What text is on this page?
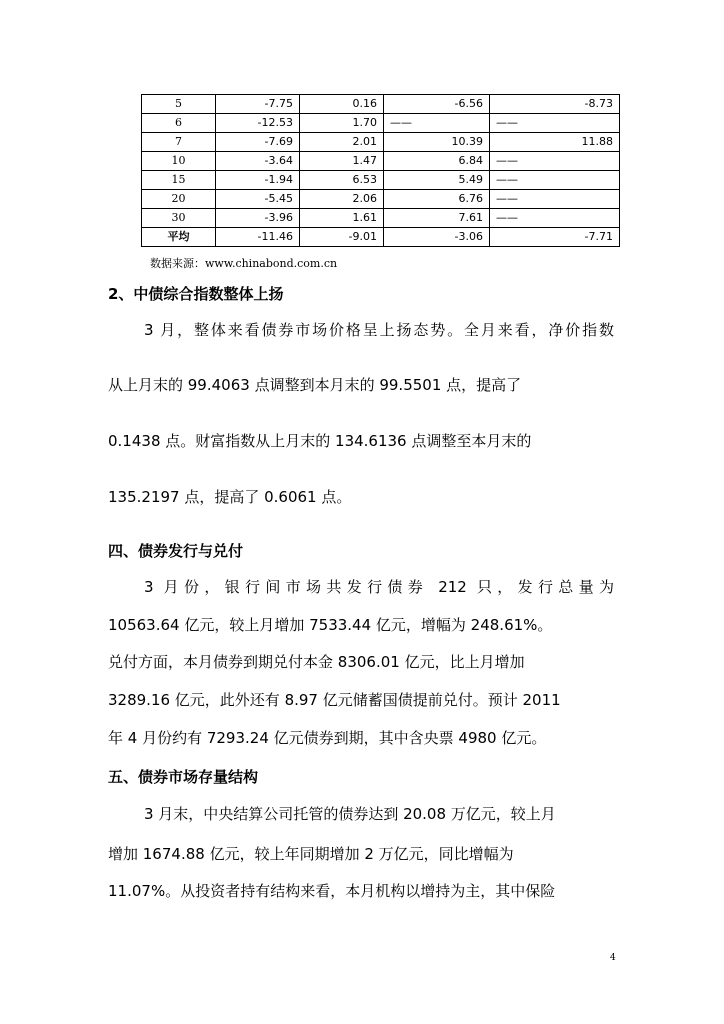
5	-7.75	0.16	-6.56	-8.73
6	-12.53	1.70	——	——
7	-7.69	2.01	10.39	11.88
10	-3.64	1.47	6.84	——
15	-1.94	6.53	5.49	——
20	-5.45	2.06	6.76	——
30	-3.96	1.61	7.61	——
平均	-11.46	-9.01	-3.06	-7.71
数据来源：www.chinabond.com.cn
2、中债综合指数整体上扬
3 月，整体来看债券市场价格呈上扬态势。全月来看，净价指数
从上月末的 99.4063 点调整到本月末的 99.5501 点，提高了
0.1438 点。财富指数从上月末的 134.6136 点调整至本月末的
135.2197 点，提高了 0.6061 点。
四、债券发行与兑付
3 月份，银行间市场共发行债券 212 只，发行总量为
10563.64 亿元，较上月增加 7533.44 亿元，增幅为 248.61%。
兑付方面，本月债券到期兑付本金 8306.01 亿元，比上月增加
3289.16 亿元，此外还有 8.97 亿元储蓄国债提前兑付。预计 2011
年 4 月份约有 7293.24 亿元债券到期，其中含央票 4980 亿元。
五、债券市场存量结构
3 月末，中央结算公司托管的债券达到 20.08 万亿元，较上月
增加 1674.88 亿元，较上年同期增加 2 万亿元，同比增幅为
11.07%。从投资者持有结构来看，本月机构以增持为主，其中保险
4
